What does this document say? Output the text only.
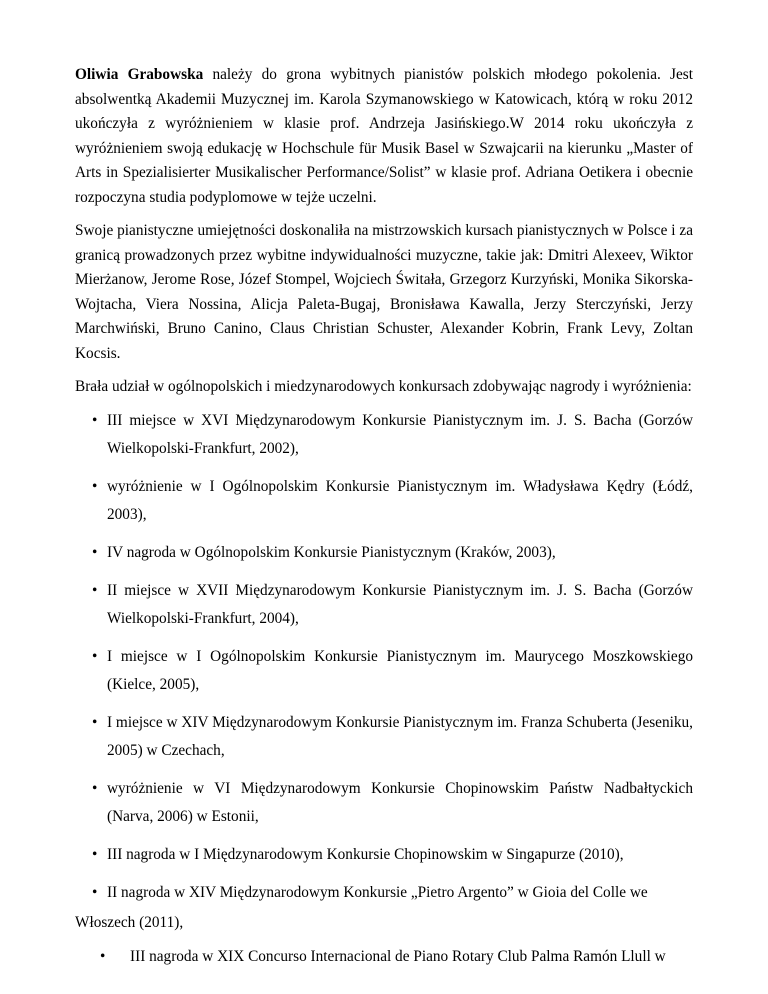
Oliwia Grabowska należy do grona wybitnych pianistów polskich młodego pokolenia. Jest absolwentką Akademii Muzycznej im. Karola Szymanowskiego w Katowicach, którą w roku 2012 ukończyła z wyróżnieniem w klasie prof. Andrzeja Jasińskiego.W 2014 roku ukończyła z wyróżnieniem swoją edukację w Hochschule für Musik Basel w Szwajcarii na kierunku „Master of Arts in Spezialisierter Musikalischer Performance/Solist” w klasie prof. Adriana Oetikera i obecnie rozpoczyna studia podyplomowe w tejże uczelni.

Swoje pianistyczne umiejętności doskonaliła na mistrzowskich kursach pianistycznych w Polsce i za granicą prowadzonych przez wybitne indywidualności muzyczne, takie jak: Dmitri Alexeev, Wiktor Mierżanow, Jerome Rose, Józef Stompel, Wojciech Świtała, Grzegorz Kurzyński, Monika Sikorska-Wojtacha, Viera Nossina, Alicja Paleta-Bugaj, Bronisława Kawalla, Jerzy Sterczyński, Jerzy Marchwiński, Bruno Canino, Claus Christian Schuster, Alexander Kobrin, Frank Levy, Zoltan Kocsis.

Brała udział w ogólnopolskich i miedzynarodowych konkursach zdobywając nagrody i wyróżnienia:

• III miejsce w XVI Międzynarodowym Konkursie Pianistycznym im. J. S. Bacha (Gorzów Wielkopolski-Frankfurt, 2002),
• wyróżnienie w I Ogólnopolskim Konkursie Pianistycznym im. Władysława Kędry (Łódź, 2003),
• IV nagroda w Ogólnopolskim Konkursie Pianistycznym (Kraków, 2003),
• II miejsce w XVII Międzynarodowym Konkursie Pianistycznym im. J. S. Bacha (Gorzów Wielkopolski-Frankfurt, 2004),
• I miejsce w I Ogólnopolskim Konkursie Pianistycznym im. Maurycego Moszkowskiego (Kielce, 2005),
• I miejsce w XIV Międzynarodowym Konkursie Pianistycznym im. Franza Schuberta (Jeseniku, 2005) w Czechach,
• wyróżnienie w VI Międzynarodowym Konkursie Chopinowskim Państw Nadbałtyckich (Narva, 2006) w Estonii,
• III nagroda w I Międzynarodowym Konkursie Chopinowskim w Singapurze (2010),
• II nagroda w XIV Międzynarodowym Konkursie „Pietro Argento” w Gioia del Colle we

Włoszech (2011),

• III nagroda w XIX Concurso Internacional de Piano Rotary Club Palma Ramón Llull w
